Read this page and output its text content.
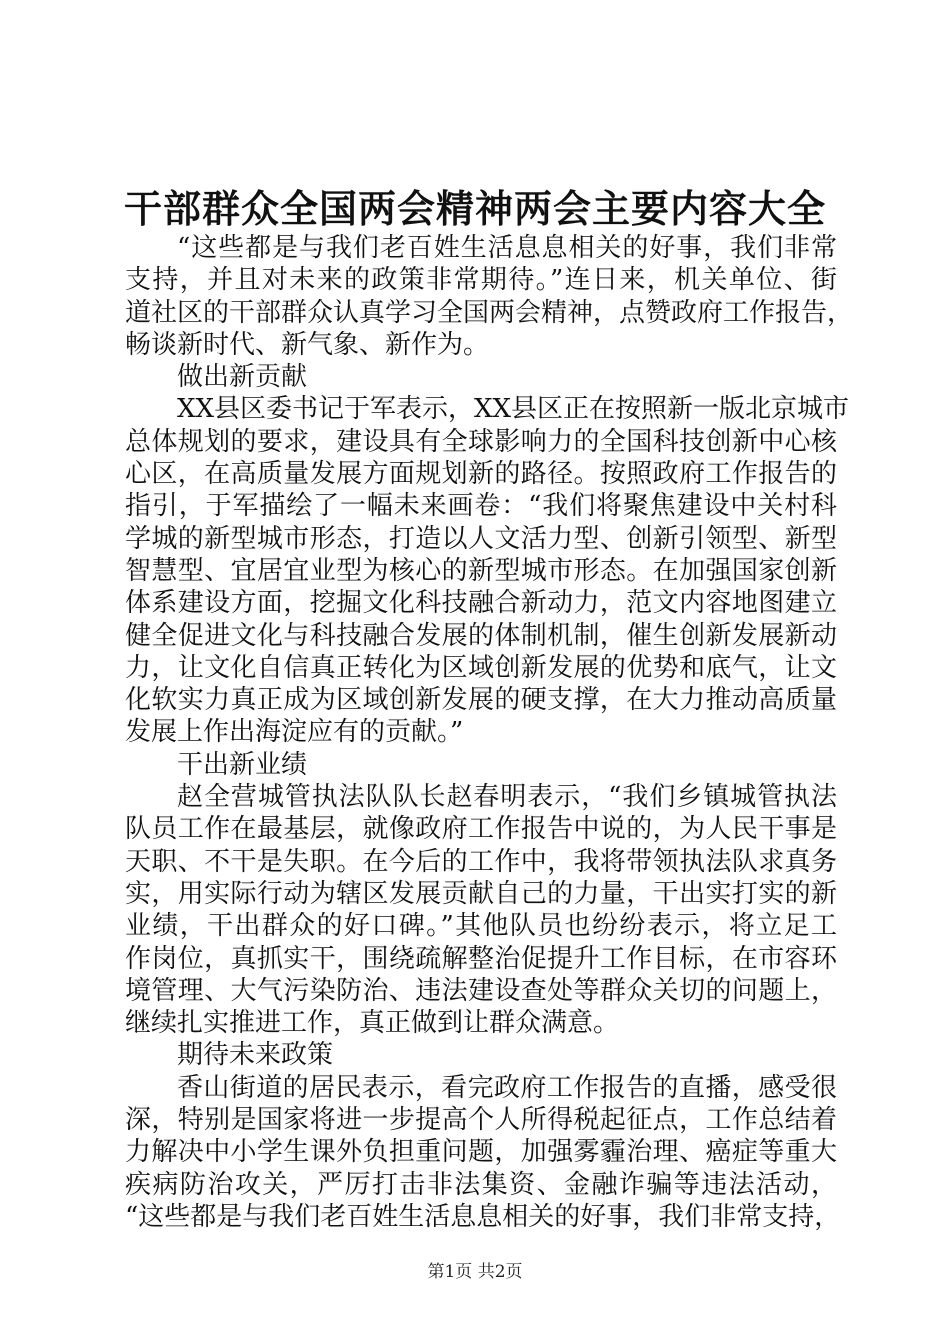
干部群众全国两会精神两会主要内容大全
“这些都是与我们老百姓生活息息相关的好事，我们非常
支持，并且对未来的政策非常期待。”连日来，机关单位、街
道社区的干部群众认真学习全国两会精神，点赞政府工作报告，
畅谈新时代、新气象、新作为。
做出新贡献
XX县区委书记于军表示，XX县区正在按照新一版北京城市
总体规划的要求，建设具有全球影响力的全国科技创新中心核
心区，在高质量发展方面规划新的路径。按照政府工作报告的
指引，于军描绘了一幅未来画卷：“我们将聚焦建设中关村科
学城的新型城市形态，打造以人文活力型、创新引领型、新型
智慧型、宜居宜业型为核心的新型城市形态。在加强国家创新
体系建设方面，挖掘文化科技融合新动力，范文内容地图建立
健全促进文化与科技融合发展的体制机制，催生创新发展新动
力，让文化自信真正转化为区域创新发展的优势和底气，让文
化软实力真正成为区域创新发展的硬支撑，在大力推动高质量
发展上作出海淀应有的贡献。”
干出新业绩
赵全营城管执法队队长赵春明表示，“我们乡镇城管执法
队员工作在最基层，就像政府工作报告中说的，为人民干事是
天职、不干是失职。在今后的工作中，我将带领执法队求真务
实，用实际行动为辖区发展贡献自己的力量，干出实打实的新
业绩，干出群众的好口碑。”其他队员也纷纷表示，将立足工
作岗位，真抓实干，围绕疏解整治促提升工作目标，在市容环
境管理、大气污染防治、违法建设查处等群众关切的问题上，
继续扎实推进工作，真正做到让群众满意。
期待未来政策
香山街道的居民表示，看完政府工作报告的直播，感受很
深，特别是国家将进一步提高个人所得税起征点，工作总结着
力解决中小学生课外负担重问题，加强雾霾治理、癌症等重大
疾病防治攻关，严厉打击非法集资、金融诈骗等违法活动，
“这些都是与我们老百姓生活息息相关的好事，我们非常支持，
第1页 共2页
